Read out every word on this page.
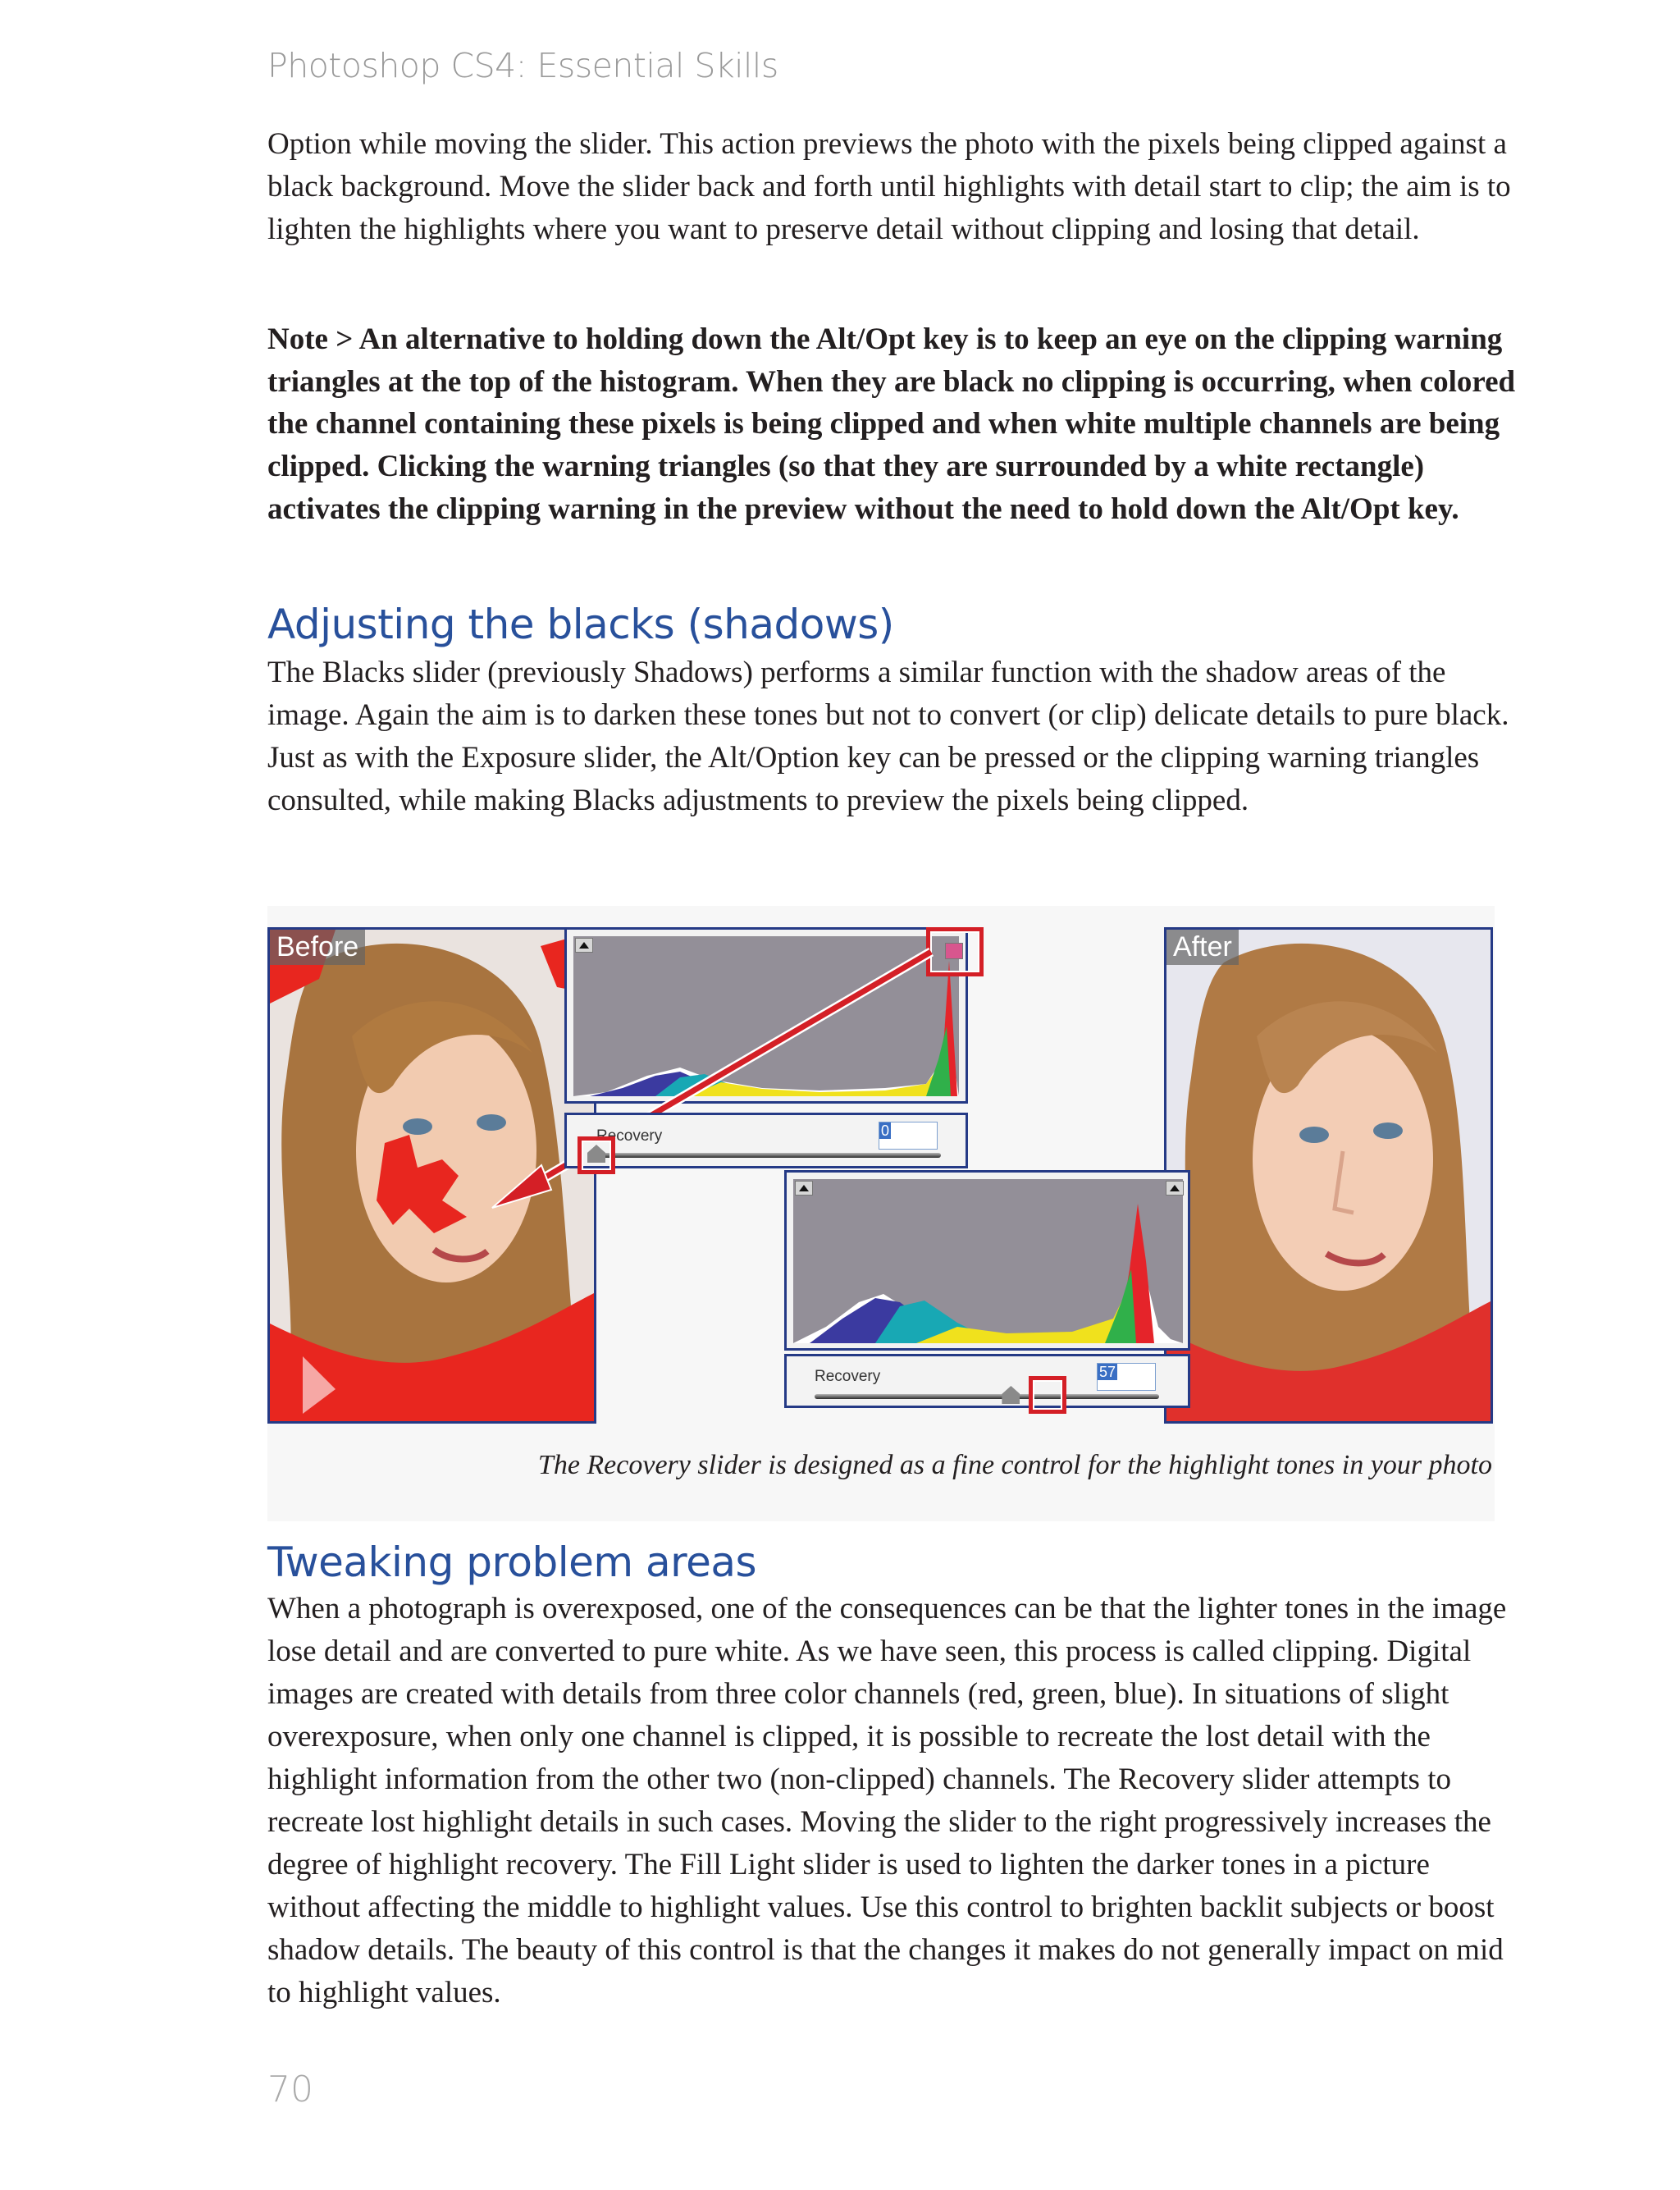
Photoshop CS4: Essential Skills

Option while moving the slider. This action previews the photo with the pixels being clipped against a black background. Move the slider back and forth until highlights with detail start to clip; the aim is to lighten the highlights where you want to preserve detail without clipping and losing that detail.

Note > An alternative to holding down the Alt/Opt key is to keep an eye on the clipping warning triangles at the top of the histogram. When they are black no clipping is occurring, when colored the channel containing these pixels is being clipped and when white multiple channels are being clipped. Clicking the warning triangles (so that they are surrounded by a white rectangle) activates the clipping warning in the preview without the need to hold down the Alt/Opt key.

Adjusting the blacks (shadows)

The Blacks slider (previously Shadows) performs a similar function with the shadow areas of the image. Again the aim is to darken these tones but not to convert (or clip) delicate details to pure black. Just as with the Exposure slider, the Alt/Option key can be pressed or the clipping warning triangles consulted, while making Blacks adjustments to preview the pixels being clipped.

Before	After
Recovery	0
Recovery	57
The Recovery slider is designed as a fine control for the highlight tones in your photo
Tweaking problem areas

When a photograph is overexposed, one of the consequences can be that the lighter tones in the image lose detail and are converted to pure white. As we have seen, this process is called clipping. Digital images are created with details from three color channels (red, green, blue). In situations of slight overexposure, when only one channel is clipped, it is possible to recreate the lost detail with the highlight information from the other two (non-clipped) channels. The Recovery slider attempts to recreate lost highlight details in such cases. Moving the slider to the right progressively increases the degree of highlight recovery. The Fill Light slider is used to lighten the darker tones in a picture without affecting the middle to highlight values. Use this control to brighten backlit subjects or boost shadow details. The beauty of this control is that the changes it makes do not generally impact on mid to highlight values.

70
